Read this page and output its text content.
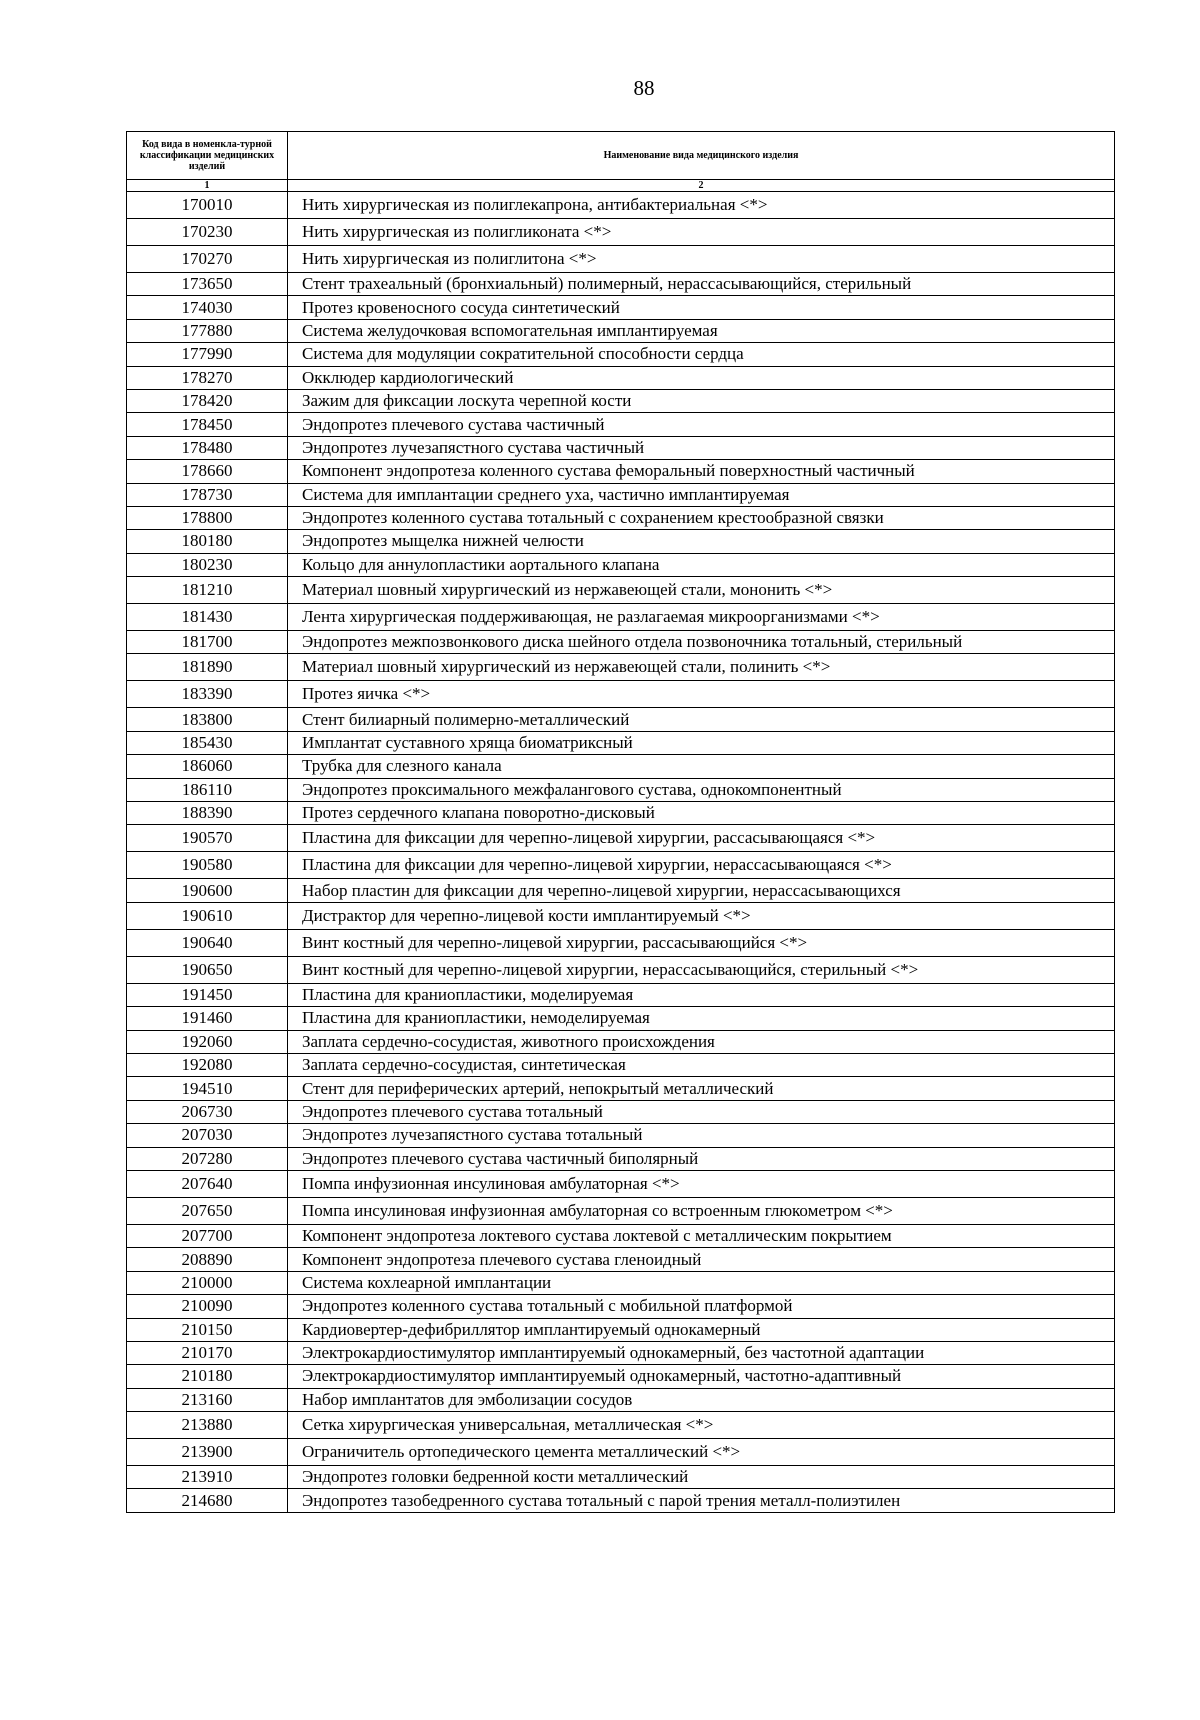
88
Код вида в номенкла-турной классификации медицинских изделий	Наименование вида медицинского изделия
1	2
170010	Нить хирургическая из полиглекапрона, антибактериальная <*>
170230	Нить хирургическая из полигликоната <*>
170270	Нить хирургическая из полиглитона <*>
173650	Стент трахеальный (бронхиальный) полимерный, нерассасывающийся, стерильный
174030	Протез кровеносного сосуда синтетический
177880	Система желудочковая вспомогательная имплантируемая
177990	Система для модуляции сократительной способности сердца
178270	Окклюдер кардиологический
178420	Зажим для фиксации лоскута черепной кости
178450	Эндопротез плечевого сустава частичный
178480	Эндопротез лучезапястного сустава частичный
178660	Компонент эндопротеза коленного сустава феморальный поверхностный частичный
178730	Система для имплантации среднего уха, частично имплантируемая
178800	Эндопротез коленного сустава тотальный с сохранением крестообразной связки
180180	Эндопротез мыщелка нижней челюсти
180230	Кольцо для аннулопластики аортального клапана
181210	Материал шовный хирургический из нержавеющей стали, мононить <*>
181430	Лента хирургическая поддерживающая, не разлагаемая микроорганизмами <*>
181700	Эндопротез межпозвонкового диска шейного отдела позвоночника тотальный, стерильный
181890	Материал шовный хирургический из нержавеющей стали, полинить <*>
183390	Протез яичка <*>
183800	Стент билиарный полимерно-металлический
185430	Имплантат суставного хряща биоматриксный
186060	Трубка для слезного канала
186110	Эндопротез проксимального межфалангового сустава, однокомпонентный
188390	Протез сердечного клапана поворотно-дисковый
190570	Пластина для фиксации для черепно-лицевой хирургии, рассасывающаяся <*>
190580	Пластина для фиксации для черепно-лицевой хирургии, нерассасывающаяся <*>
190600	Набор пластин для фиксации для черепно-лицевой хирургии, нерассасывающихся
190610	Дистрактор для черепно-лицевой кости имплантируемый <*>
190640	Винт костный для черепно-лицевой хирургии, рассасывающийся <*>
190650	Винт костный для черепно-лицевой хирургии, нерассасывающийся, стерильный <*>
191450	Пластина для краниопластики, моделируемая
191460	Пластина для краниопластики, немоделируемая
192060	Заплата сердечно-сосудистая, животного происхождения
192080	Заплата сердечно-сосудистая, синтетическая
194510	Стент для периферических артерий, непокрытый металлический
206730	Эндопротез плечевого сустава тотальный
207030	Эндопротез лучезапястного сустава тотальный
207280	Эндопротез плечевого сустава частичный биполярный
207640	Помпа инфузионная инсулиновая амбулаторная <*>
207650	Помпа инсулиновая инфузионная амбулаторная со встроенным глюкометром <*>
207700	Компонент эндопротеза локтевого сустава локтевой с металлическим покрытием
208890	Компонент эндопротеза плечевого сустава гленоидный
210000	Система кохлеарной имплантации
210090	Эндопротез коленного сустава тотальный с мобильной платформой
210150	Кардиовертер-дефибриллятор имплантируемый однокамерный
210170	Электрокардиостимулятор имплантируемый однокамерный, без частотной адаптации
210180	Электрокардиостимулятор имплантируемый однокамерный, частотно-адаптивный
213160	Набор имплантатов для эмболизации сосудов
213880	Сетка хирургическая универсальная, металлическая <*>
213900	Ограничитель ортопедического цемента металлический <*>
213910	Эндопротез головки бедренной кости металлический
214680	Эндопротез тазобедренного сустава тотальный с парой трения металл-полиэтилен
